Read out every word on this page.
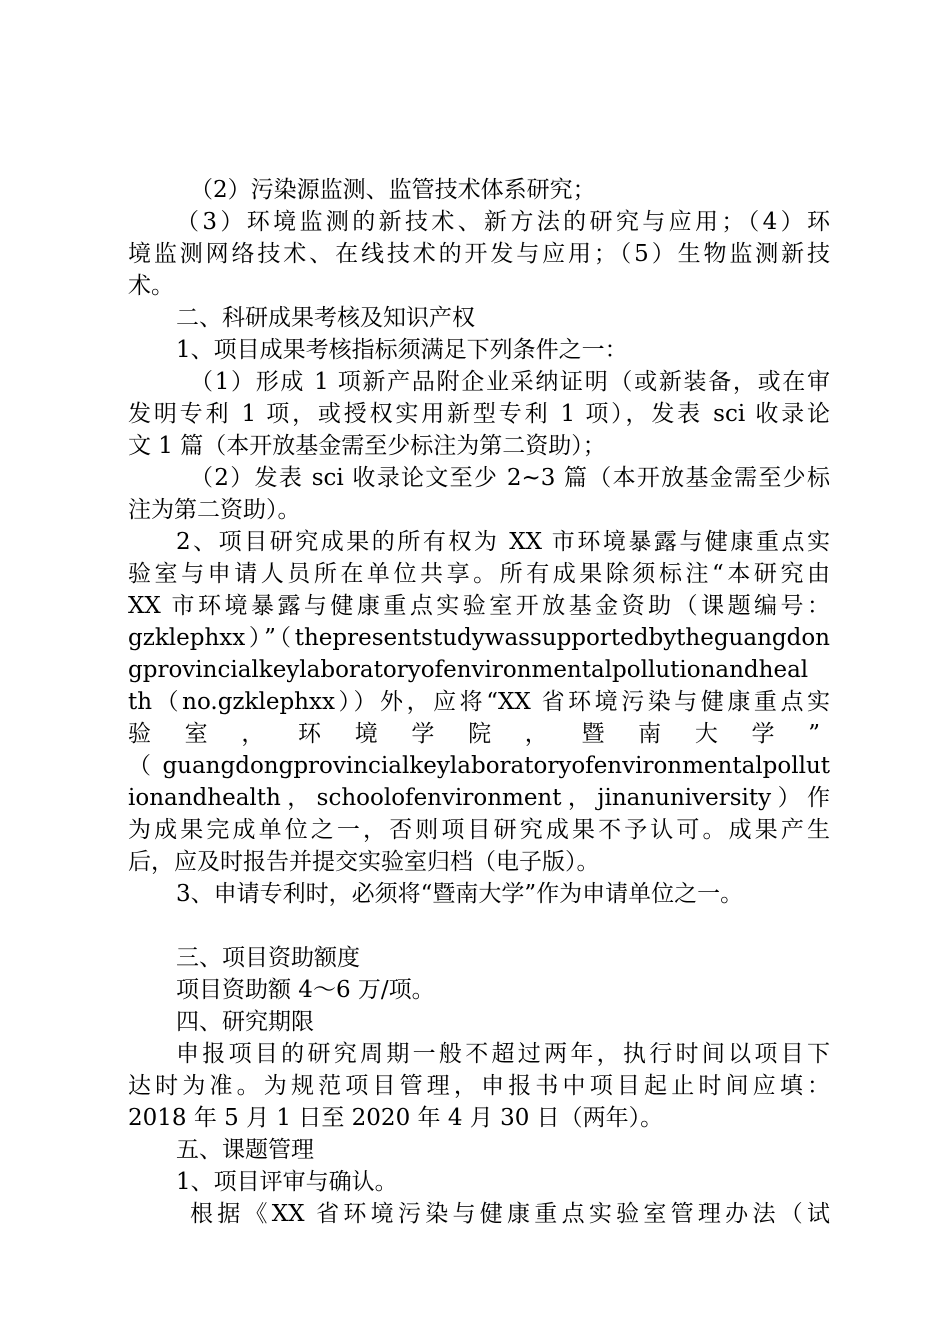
（2）污染源监测、监管技术体系研究；
（3）环境监测的新技术、新方法的研究与应用；（4）环
境监测网络技术、在线技术的开发与应用；（5）生物监测新技
术。
二、科研成果考核及知识产权
1、项目成果考核指标须满足下列条件之一：
（1）形成 1 项新产品附企业采纳证明（或新装备，或在审
发明专利 1 项，或授权实用新型专利 1 项），发表 sci 收录论
文 1 篇（本开放基金需至少标注为第二资助）；
（2）发表 sci 收录论文至少 2~3 篇（本开放基金需至少标
注为第二资助）。
2、项目研究成果的所有权为 XX 市环境暴露与健康重点实
验室与申请人员所在单位共享。所有成果除须标注“本研究由
XX 市环境暴露与健康重点实验室开放基金资助（课题编号：
gzklephxx）”（thepresentstudywassupportedbytheguangdon
gprovincialkeylaboratoryofenvironmentalpollutionandheal
th（no.gzklephxx））外，应将“XX 省环境污染与健康重点实
验室，环境学院，暨南大学”
（guangdongprovincialkeylaboratoryofenvironmentalpollut
ionandhealth，schoolofenvironment，jinanuniversity）作
为成果完成单位之一，否则项目研究成果不予认可。成果产生
后，应及时报告并提交实验室归档（电子版）。
3、申请专利时，必须将“暨南大学”作为申请单位之一。
三、项目资助额度
项目资助额 4～6 万/项。
四、研究期限
申报项目的研究周期一般不超过两年，执行时间以项目下
达时为准。为规范项目管理，申报书中项目起止时间应填：
2018 年 5 月 1 日至 2020 年 4 月 30 日（两年）。
五、课题管理
1、项目评审与确认。
根据《XX 省环境污染与健康重点实验室管理办法（试
